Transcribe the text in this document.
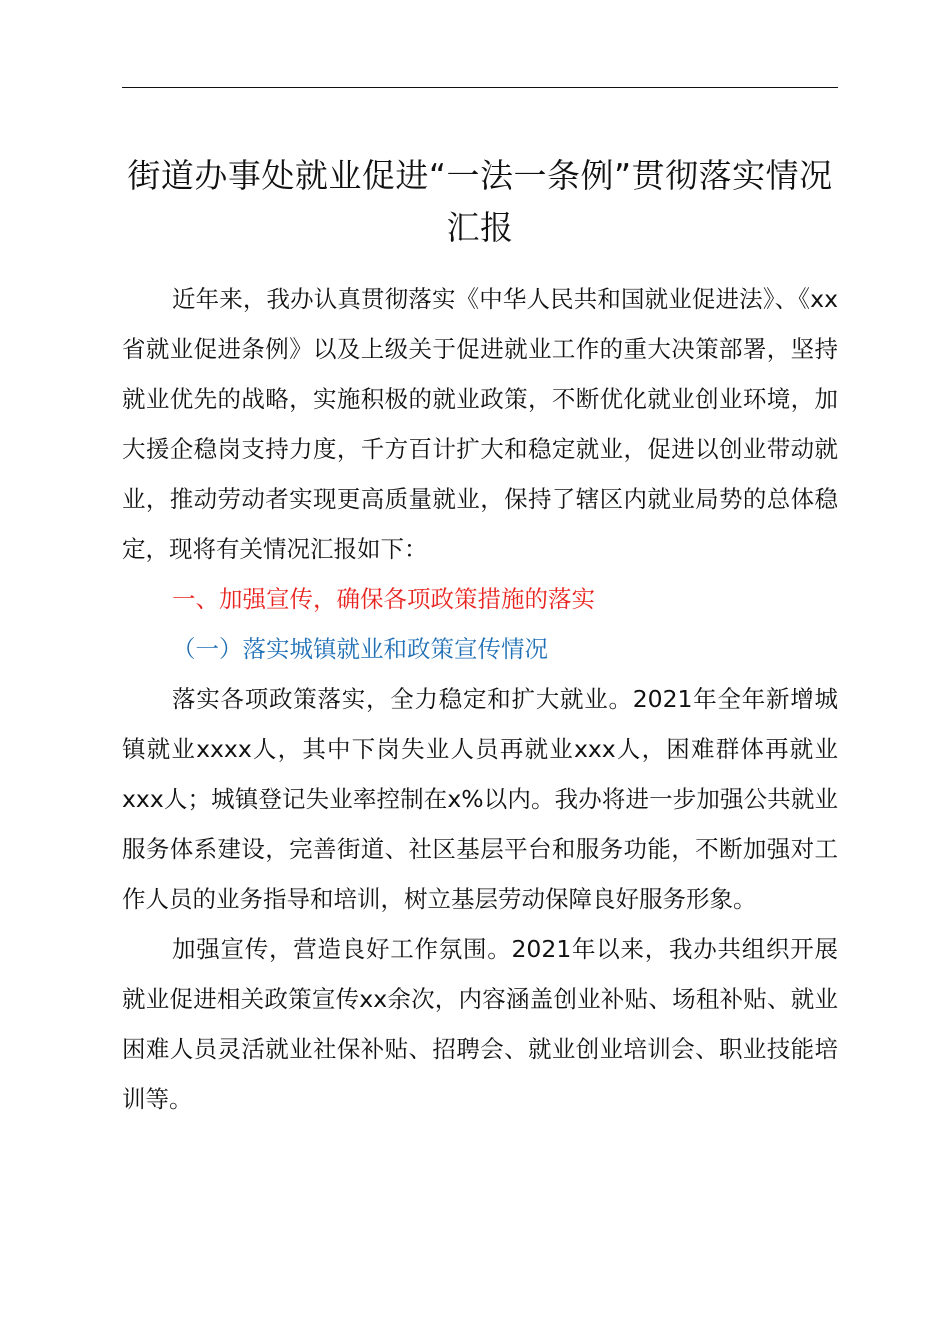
街道办事处就业促进“一法一条例”贯彻落实情况汇报

近年来，我办认真贯彻落实《中华人民共和国就业促进法》、《xx省就业促进条例》以及上级关于促进就业工作的重大决策部署，坚持就业优先的战略，实施积极的就业政策，不断优化就业创业环境，加大援企稳岗支持力度，千方百计扩大和稳定就业，促进以创业带动就业，推动劳动者实现更高质量就业，保持了辖区内就业局势的总体稳定，现将有关情况汇报如下：

一、加强宣传，确保各项政策措施的落实

（一）落实城镇就业和政策宣传情况

落实各项政策落实，全力稳定和扩大就业。2021年全年新增城镇就业xxxx人，其中下岗失业人员再就业xxx人，困难群体再就业xxx人；城镇登记失业率控制在x%以内。我办将进一步加强公共就业服务体系建设，完善街道、社区基层平台和服务功能，不断加强对工作人员的业务指导和培训，树立基层劳动保障良好服务形象。

加强宣传，营造良好工作氛围。2021年以来，我办共组织开展就业促进相关政策宣传xx余次，内容涵盖创业补贴、场租补贴、就业困难人员灵活就业社保补贴、招聘会、就业创业培训会、职业技能培训等。
